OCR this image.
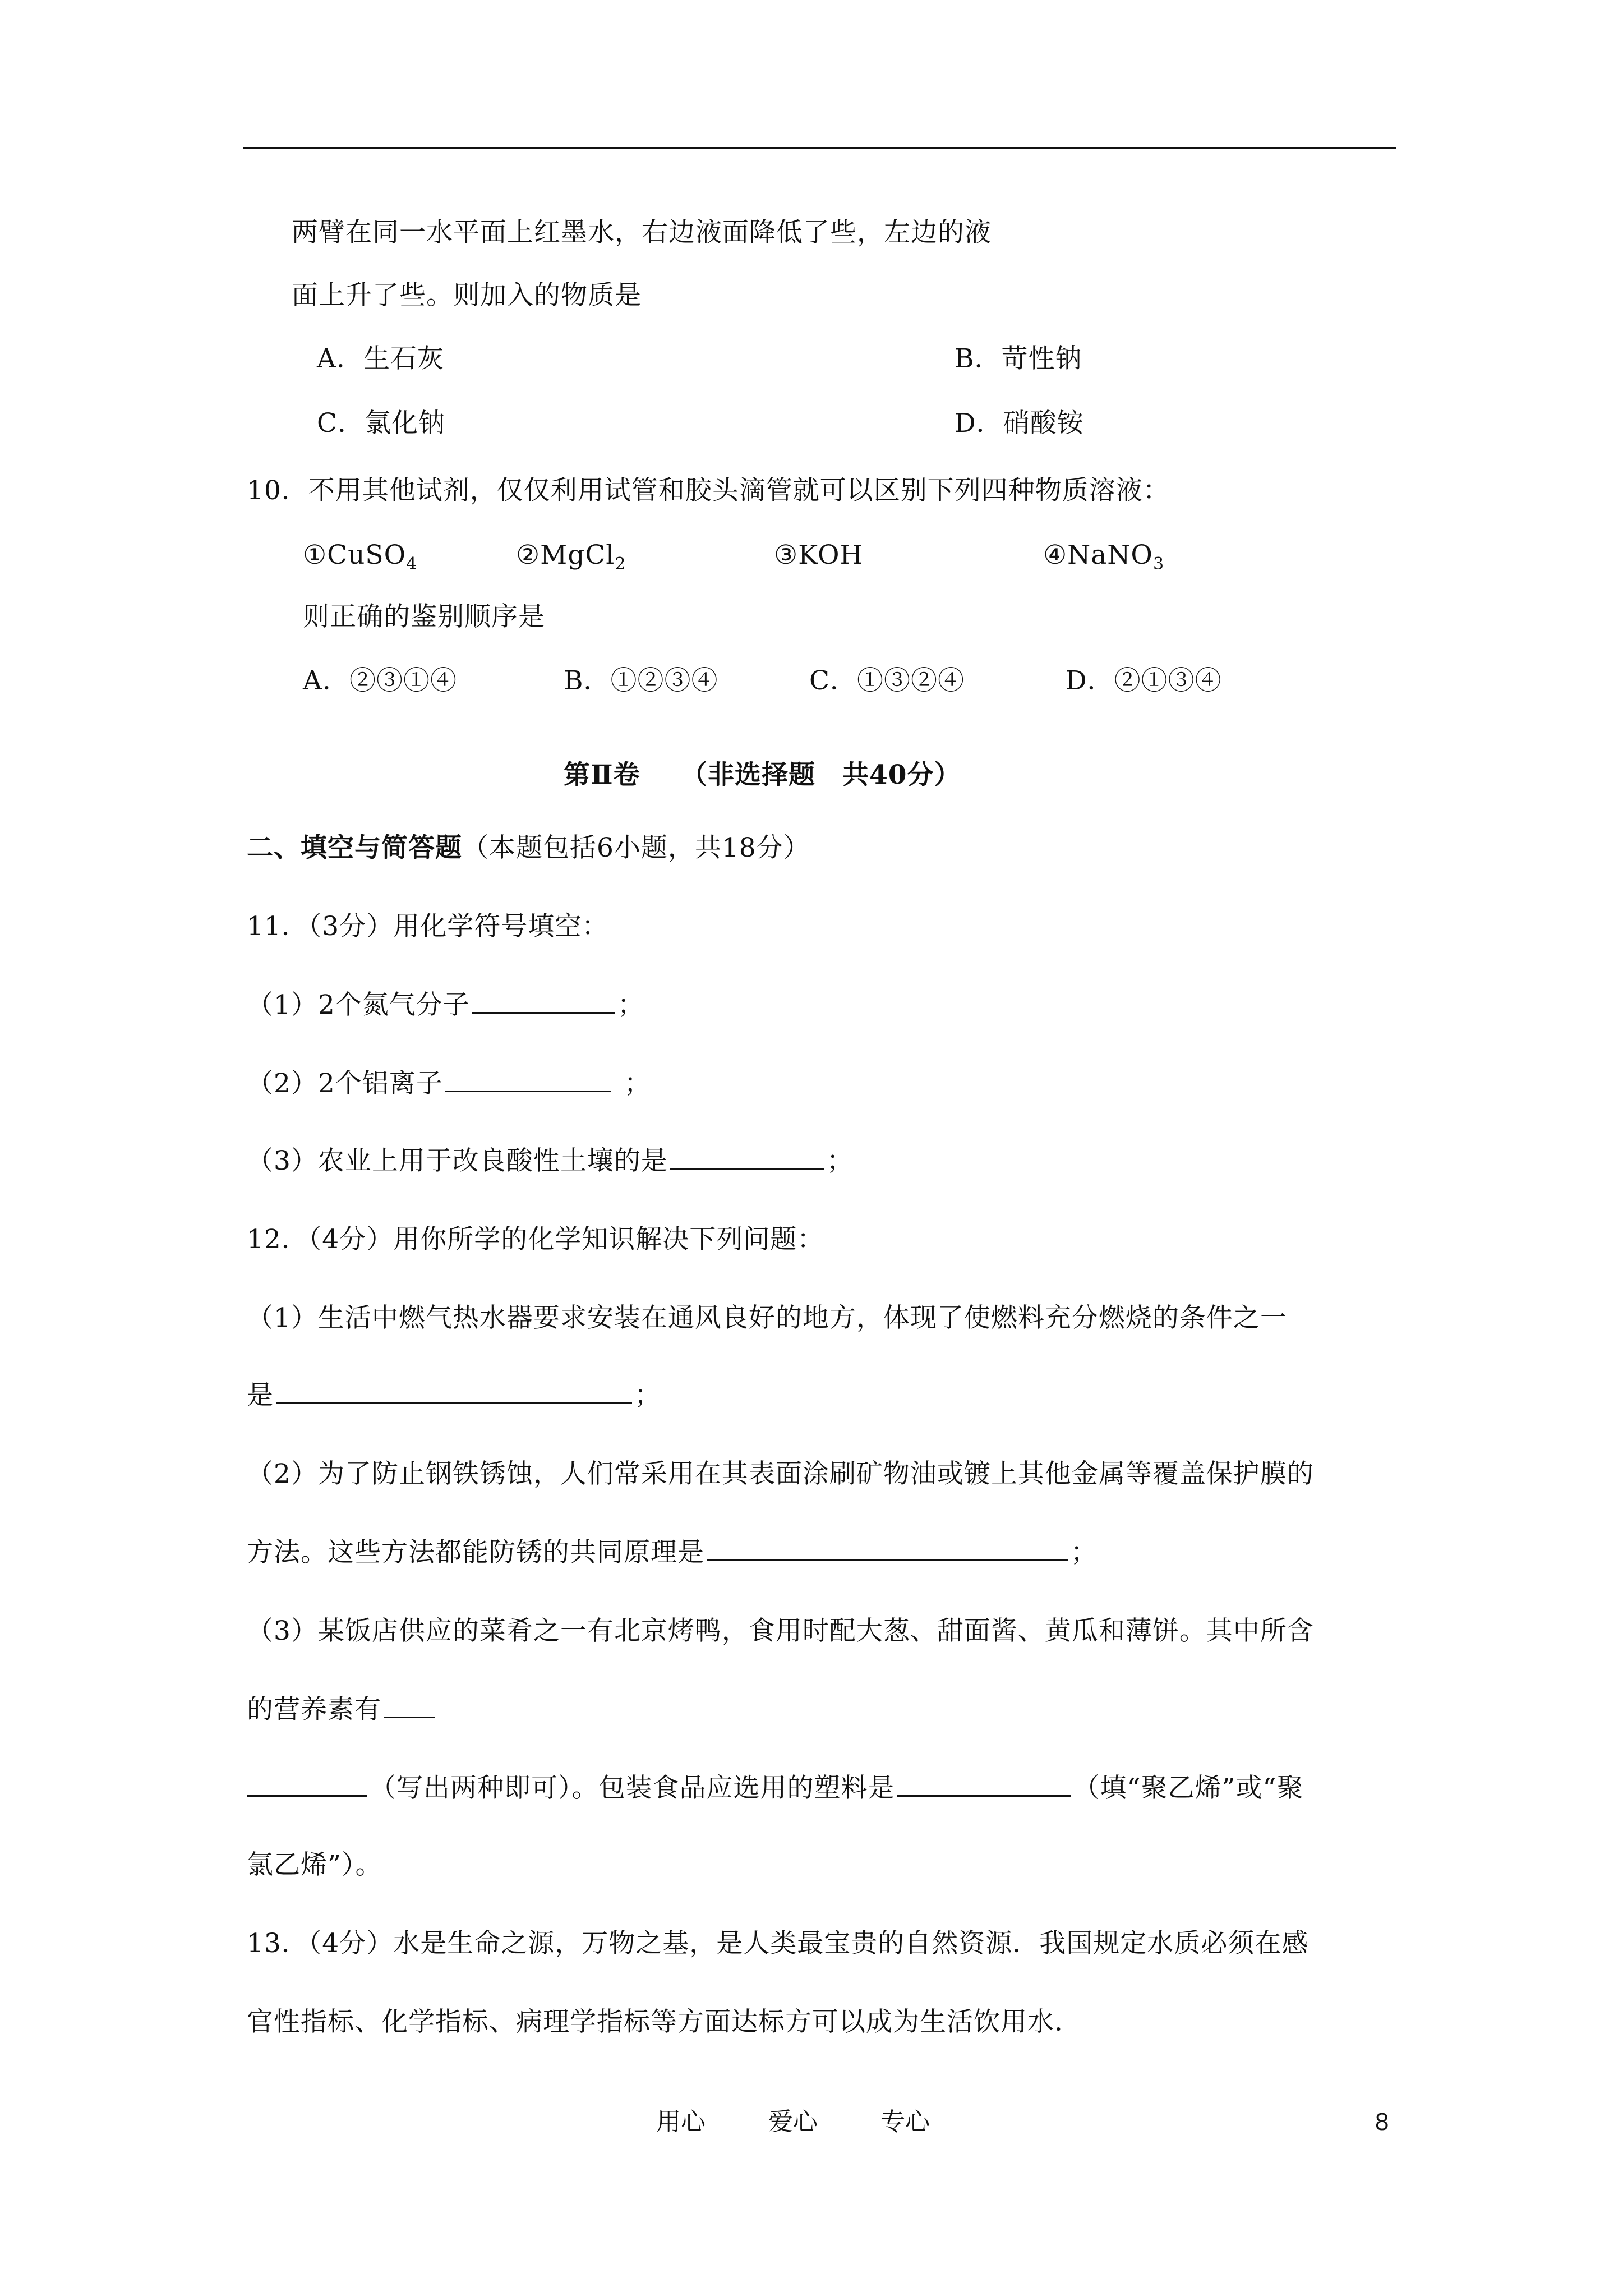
两臂在同一水平面上红墨水，右边液面降低了些，左边的液
面上升了些。则加入的物质是
A．生石灰	B．苛性钠
C．氯化钠	D．硝酸铵
10．不用其他试剂，仅仅利用试管和胶头滴管就可以区别下列四种物质溶液：
①CuSO$_4$	②MgCl$_2$	③KOH	④NaNO$_3$
则正确的鉴别顺序是
A．②③①④	B．①②③④	C．①③②④	D．②①③④
第Ⅱ卷　　（非选择题　共40分）
二、填空与简答题（本题包括6小题，共18分）
11．（3分）用化学符号填空：
（1）2个氮气分子	；
（2）2个铝离子	；
（3）农业上用于改良酸性土壤的是	；
12．（4分）用你所学的化学知识解决下列问题：
（1）生活中燃气热水器要求安装在通风良好的地方，体现了使燃料充分燃烧的条件之一
是	；
（2）为了防止钢铁锈蚀，人们常采用在其表面涂刷矿物油或镀上其他金属等覆盖保护膜的
方法。这些方法都能防锈的共同原理是	；
（3）某饭店供应的菜肴之一有北京烤鸭，食用时配大葱、甜面酱、黄瓜和薄饼。其中所含
的营养素有
（写出两种即可）。包装食品应选用的塑料是	（填“聚乙烯”或“聚
氯乙烯”）。
13．（4分）水是生命之源，万物之基，是人类最宝贵的自然资源．我国规定水质必须在感
官性指标、化学指标、病理学指标等方面达标方可以成为生活饮用水．
用心	爱心	专心	8
